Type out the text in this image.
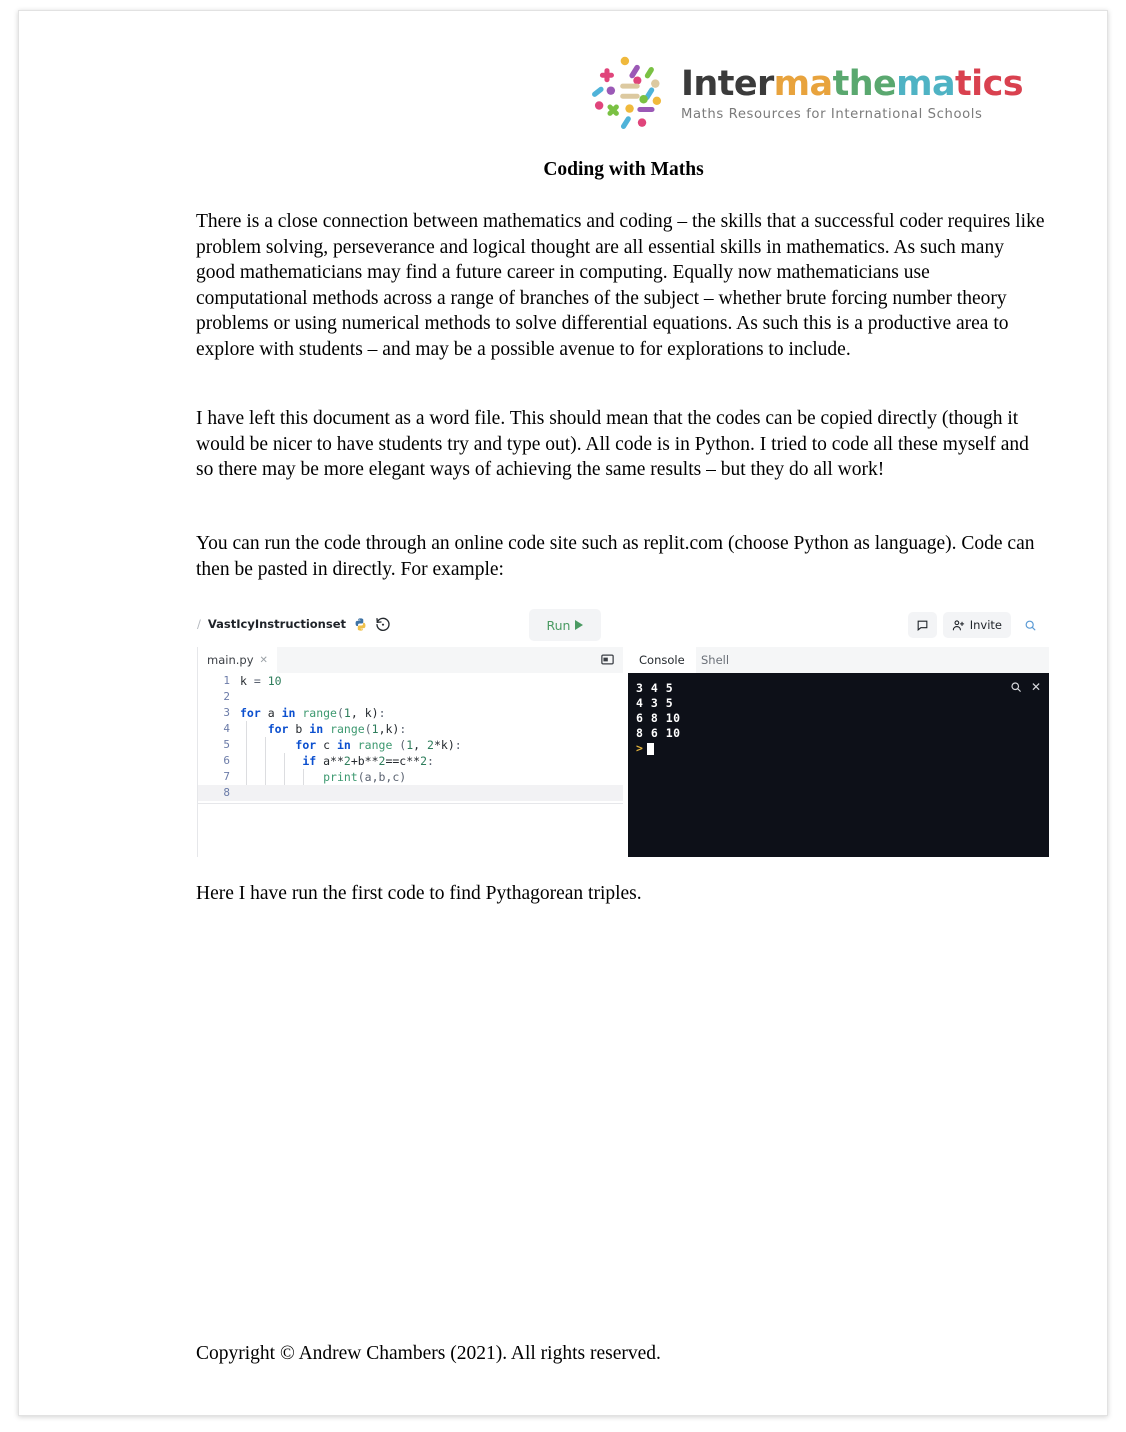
Intermathematics
Maths Resources for International Schools
Coding with Maths
There is a close connection between mathematics and coding – the skills that a successful coder requires like problem solving, perseverance and logical thought are all essential skills in mathematics. As such many good mathematicians may find a future career in computing. Equally now mathematicians use computational methods across a range of branches of the subject – whether brute forcing number theory problems or using numerical methods to solve differential equations. As such this is a productive area to explore with students – and may be a possible avenue to for explorations to include.
I have left this document as a word file. This should mean that the codes can be copied directly (though it would be nicer to have students try and type out). All code is in Python. I tried to code all these myself and so there may be more elegant ways of achieving the same results – but they do all work!
You can run the code through an online code site such as replit.com (choose Python as language). Code can then be pasted in directly. For example:
/ VastIcyInstructionset	Run	Invite
main.py ✕
1 k = 10
2
3 for a in range(1, k):
4	for b in range(1,k):
5	for c in range (1, 2*k):
6	if a**2+b**2==c**2:
7	print(a,b,c)
8
Console	Shell
3 4 5
4 3 5
6 8 10
8 6 10
>
✕
Here I have run the first code to find Pythagorean triples.
Copyright © Andrew Chambers (2021). All rights reserved.
